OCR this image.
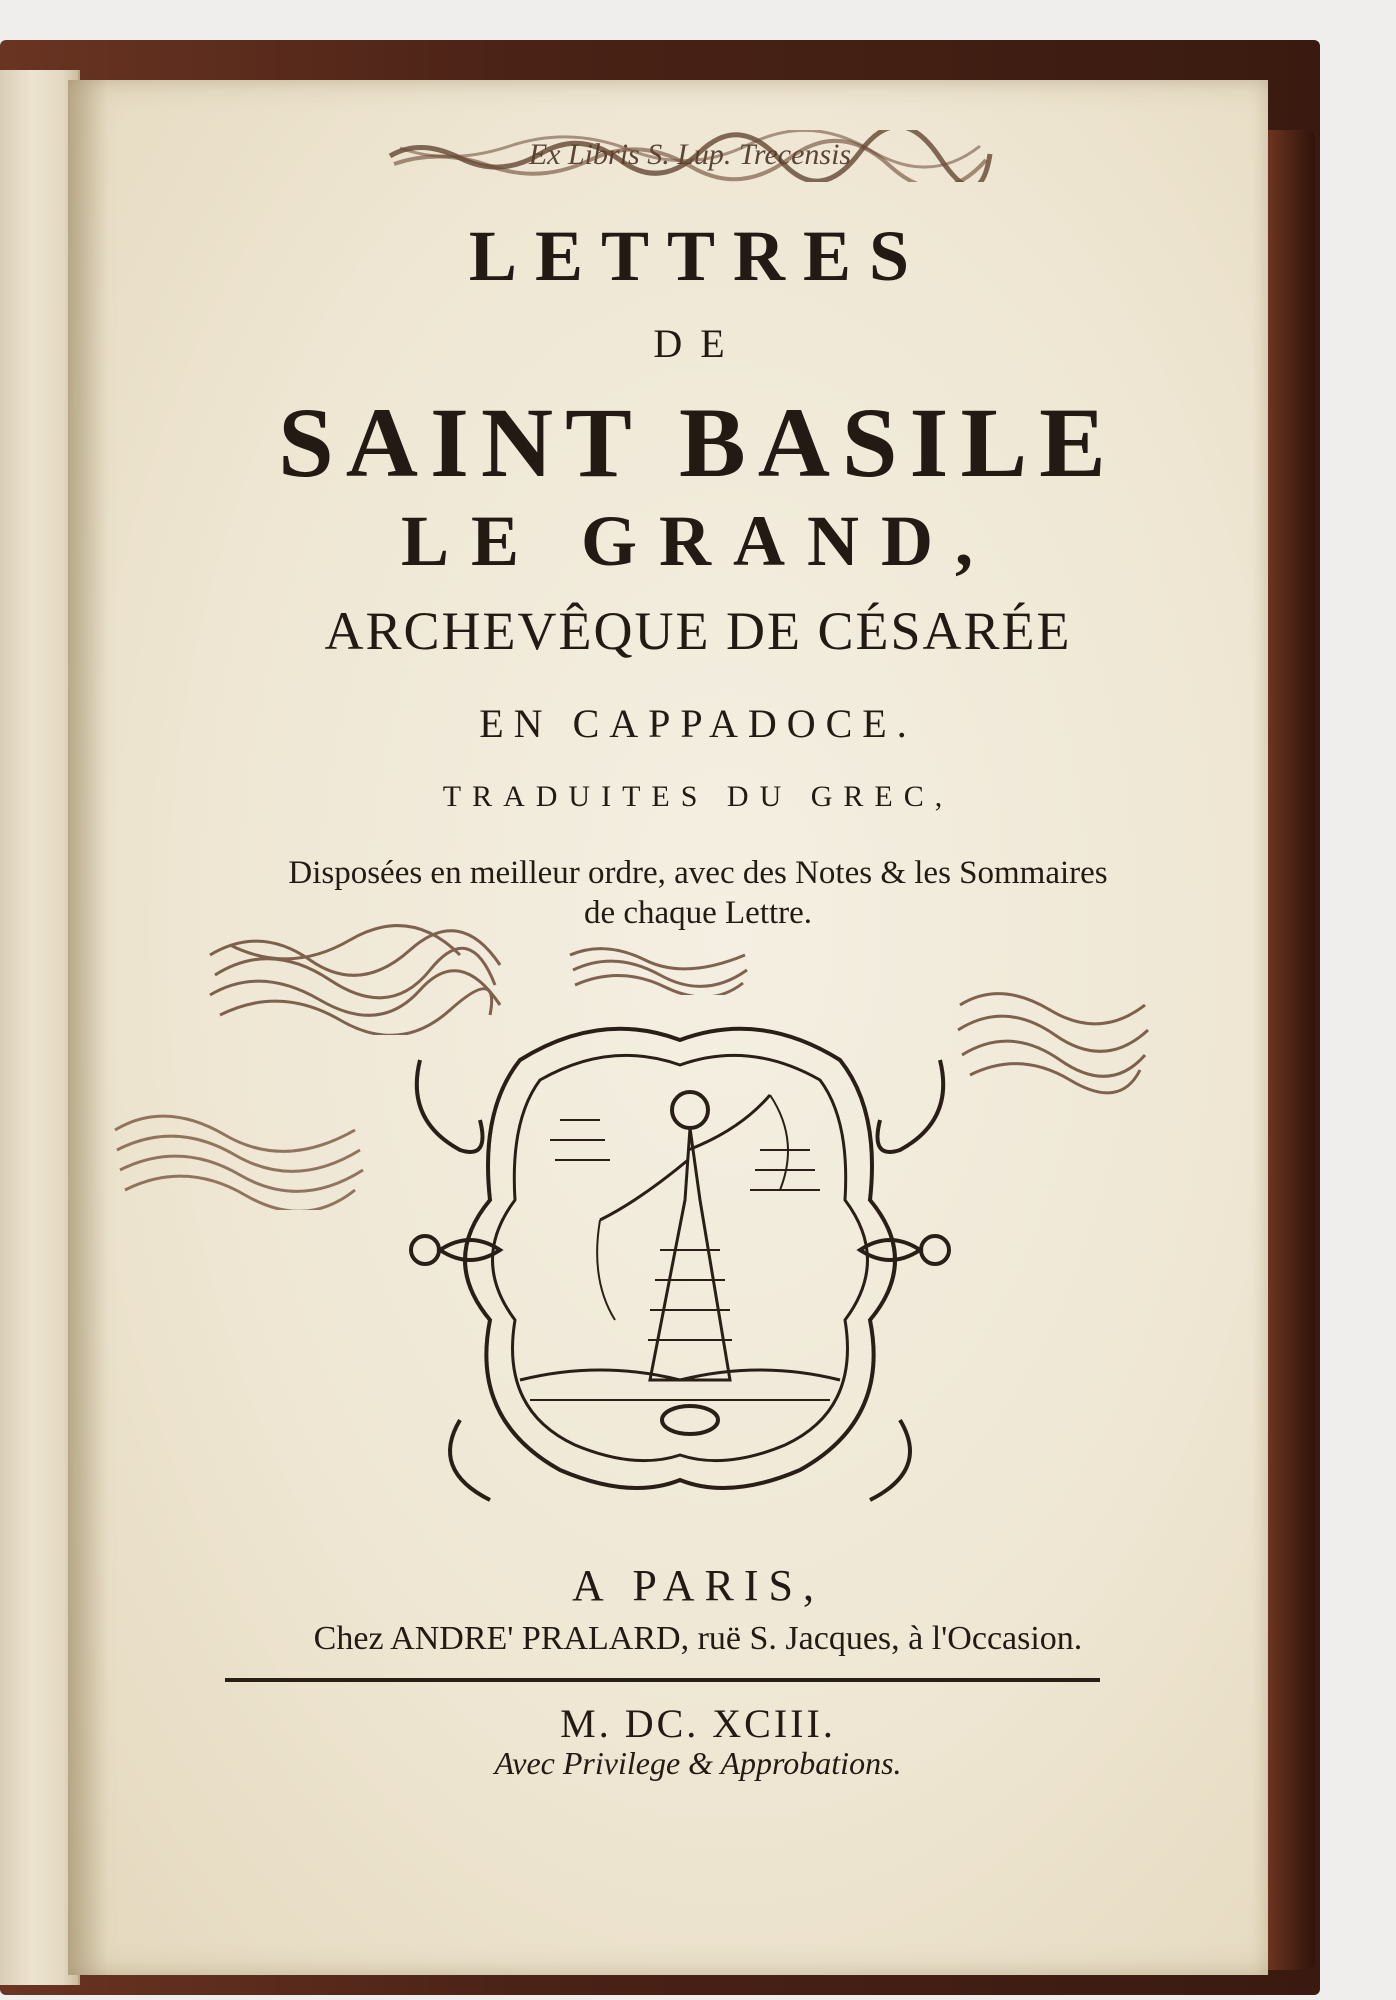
Ex Libris S. Lup. Trecensis
LETTRES
DE
SAINT BASILE
LE GRAND,
ARCHEVÊQUE DE CÉSARÉE
EN CAPPADOCE.
TRADUITES DU GREC,
Disposées en meilleur ordre, avec des Notes & les Sommaires
de chaque Lettre.
A PARIS,
Chez ANDRE' PRALARD, ruë S. Jacques, à l'Occasion.
M. DC. XCIII.
Avec Privilege & Approbations.
